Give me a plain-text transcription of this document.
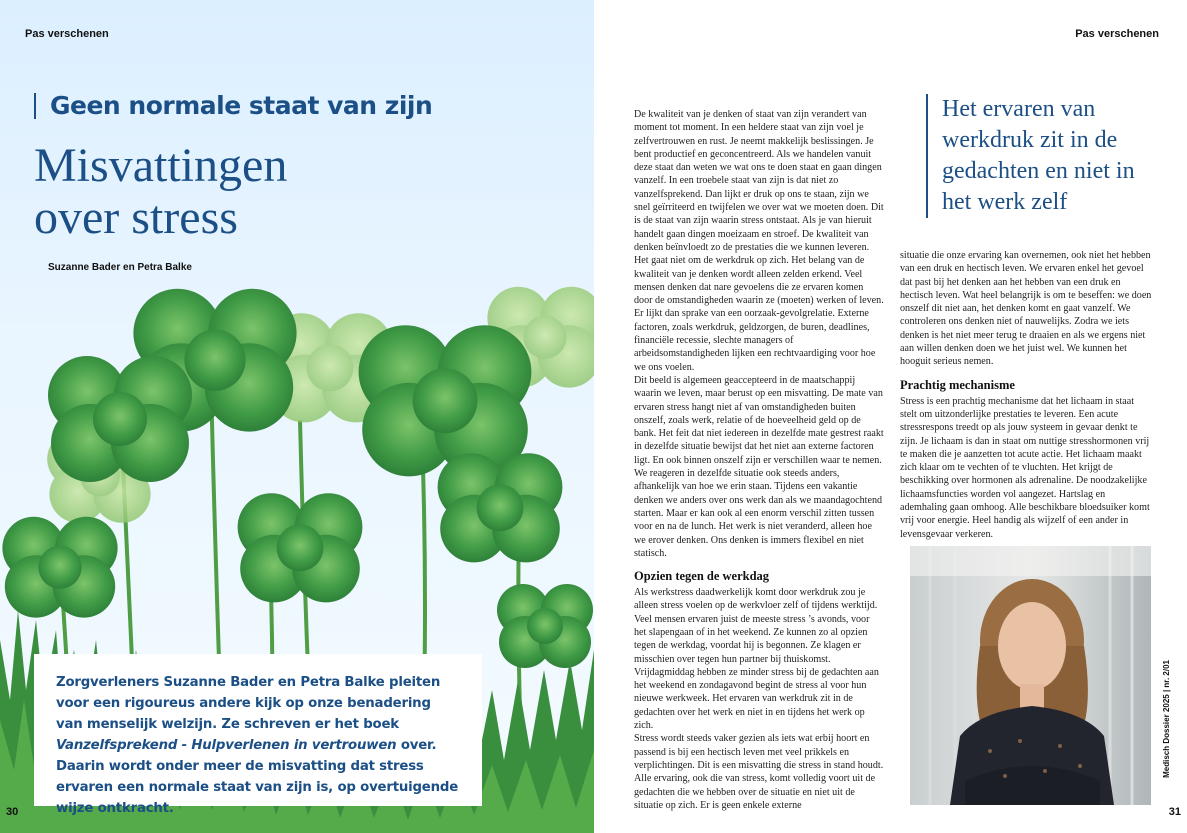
Pas verschenen
Geen normale staat van zijn
Misvattingen
over stress
Suzanne Bader en Petra Balke

Zorgverleners Suzanne Bader en Petra Balke pleiten voor een rigoureus andere kijk op onze benadering van menselijk welzijn. Ze schreven er het boek Vanzelfsprekend - Hulpverlenen in vertrouwen over. Daarin wordt onder meer de misvatting dat stress ervaren een normale staat van zijn is, op overtuigende wijze ontkracht.

30
Pas verschenen

De kwaliteit van je denken of staat van zijn verandert van moment tot moment. In een heldere staat van zijn voel je zelfvertrouwen en rust. Je neemt makkelijk beslissingen. Je bent productief en geconcentreerd. Als we handelen vanuit deze staat dan weten we wat ons te doen staat en gaan dingen vanzelf. In een troebele staat van zijn is dat niet zo vanzelfsprekend. Dan lijkt er druk op ons te staan, zijn we snel geïrriteerd en twijfelen we over wat we moeten doen. Dit is de staat van zijn waarin stress ontstaat. Als je van hieruit handelt gaan dingen moeizaam en stroef. De kwaliteit van denken beïnvloedt zo de prestaties die we kunnen leveren.

Het gaat niet om de werkdruk op zich. Het belang van de kwaliteit van je denken wordt alleen zelden erkend. Veel mensen denken dat nare gevoelens die ze ervaren komen door de omstandigheden waarin ze (moeten) werken of leven. Er lijkt dan sprake van een oorzaak-gevolgrelatie. Externe factoren, zoals werkdruk, geldzorgen, de buren, deadlines, financiële recessie, slechte managers of arbeidsomstandigheden lijken een rechtvaardiging voor hoe we ons voelen.

Dit beeld is algemeen geaccepteerd in de maatschappij waarin we leven, maar berust op een misvatting. De mate van ervaren stress hangt niet af van omstandigheden buiten onszelf, zoals werk, relatie of de hoeveelheid geld op de bank. Het feit dat niet iedereen in dezelfde mate gestrest raakt in dezelfde situatie bewijst dat het niet aan externe factoren ligt. En ook binnen onszelf zijn er verschillen waar te nemen. We reageren in dezelfde situatie ook steeds anders, afhankelijk van hoe we erin staan. Tijdens een vakantie denken we anders over ons werk dan als we maandagochtend starten. Maar er kan ook al een enorm verschil zitten tussen voor en na de lunch. Het werk is niet veranderd, alleen hoe we erover denken. Ons denken is immers flexibel en niet statisch.

Opzien tegen de werkdag

Als werkstress daadwerkelijk komt door werkdruk zou je alleen stress voelen op de werkvloer zelf of tijdens werktijd. Veel mensen ervaren juist de meeste stress ’s avonds, voor het slapengaan of in het weekend. Ze kunnen zo al opzien tegen de werkdag, voordat hij is begonnen. Ze klagen er misschien over tegen hun partner bij thuiskomst. Vrijdagmiddag hebben ze minder stress bij de gedachten aan het weekend en zondagavond begint de stress al voor hun nieuwe werkweek. Het ervaren van werkdruk zit in de gedachten over het werk en niet in en tijdens het werk op zich.

Stress wordt steeds vaker gezien als iets wat erbij hoort en passend is bij een hectisch leven met veel prikkels en verplichtingen. Dit is een misvatting die stress in stand houdt. Alle ervaring, ook die van stress, komt volledig voort uit de gedachten die we hebben over de situatie en niet uit de situatie op zich. Er is geen enkele externe

Het ervaren van werkdruk zit in de gedachten en niet in het werk zelf

situatie die onze ervaring kan overnemen, ook niet het hebben van een druk en hectisch leven. We ervaren enkel het gevoel dat past bij het denken aan het hebben van een druk en hectisch leven. Wat heel belangrijk is om te beseffen: we doen onszelf dit niet aan, het denken komt en gaat vanzelf. We controleren ons denken niet of nauwelijks. Zodra we iets denken is het niet meer terug te draaien en als we ergens niet aan willen denken doen we het juist wel. We kunnen het hooguit serieus nemen.

Prachtig mechanisme

Stress is een prachtig mechanisme dat het lichaam in staat stelt om uitzonderlijke prestaties te leveren. Een acute stressrespons treedt op als jouw systeem in gevaar denkt te zijn. Je lichaam is dan in staat om nuttige stresshormonen vrij te maken die je aanzetten tot acute actie. Het lichaam maakt zich klaar om te vechten of te vluchten. Het krijgt de beschikking over hormonen als adrenaline. De noodzakelijke lichaamsfuncties worden vol aangezet. Hartslag en ademhaling gaan omhoog. Alle beschikbare bloedsuiker komt vrij voor energie. Heel handig als wijzelf of een ander in levensgevaar verkeren.

Suzanne Bader
Medisch Dossier 2025 | nr. 2/01
31
